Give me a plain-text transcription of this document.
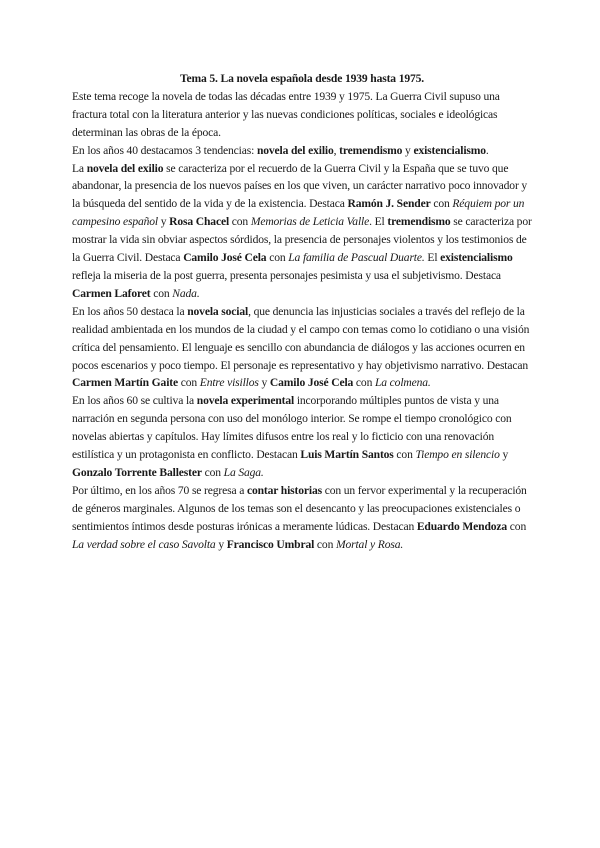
Tema 5. La novela española desde 1939 hasta 1975.

Este tema recoge la novela de todas las décadas entre 1939 y 1975. La Guerra Civil supuso una fractura total con la literatura anterior y las nuevas condiciones políticas, sociales e ideológicas determinan las obras de la época.

En los años 40 destacamos 3 tendencias: novela del exilio, tremendismo y existencialismo.

La novela del exilio se caracteriza por el recuerdo de la Guerra Civil y la España que se tuvo que abandonar, la presencia de los nuevos países en los que viven, un carácter narrativo poco innovador y la búsqueda del sentido de la vida y de la existencia. Destaca Ramón J. Sender con Réquiem por un campesino español y Rosa Chacel con Memorias de Leticia Valle. El tremendismo se caracteriza por mostrar la vida sin obviar aspectos sórdidos, la presencia de personajes violentos y los testimonios de la Guerra Civil. Destaca Camilo José Cela con La familia de Pascual Duarte. El existencialismo refleja la miseria de la post guerra, presenta personajes pesimista y usa el subjetivismo. Destaca Carmen Laforet con Nada.

En los años 50 destaca la novela social, que denuncia las injusticias sociales a través del reflejo de la realidad ambientada en los mundos de la ciudad y el campo con temas como lo cotidiano o una visión crítica del pensamiento. El lenguaje es sencillo con abundancia de diálogos y las acciones ocurren en pocos escenarios y poco tiempo. El personaje es representativo y hay objetivismo narrativo. Destacan Carmen Martín Gaite con Entre visillos y Camilo José Cela con La colmena.

En los años 60 se cultiva la novela experimental incorporando múltiples puntos de vista y una narración en segunda persona con uso del monólogo interior. Se rompe el tiempo cronológico con novelas abiertas y capítulos. Hay límites difusos entre los real y lo ficticio con una renovación estilística y un protagonista en conflicto. Destacan Luis Martín Santos con Tiempo en silencio y Gonzalo Torrente Ballester con La Saga.

Por último, en los años 70 se regresa a contar historias con un fervor experimental y la recuperación de géneros marginales. Algunos de los temas son el desencanto y las preocupaciones existenciales o sentimientos íntimos desde posturas irónicas a meramente lúdicas. Destacan Eduardo Mendoza con La verdad sobre el caso Savolta y Francisco Umbral con Mortal y Rosa.
